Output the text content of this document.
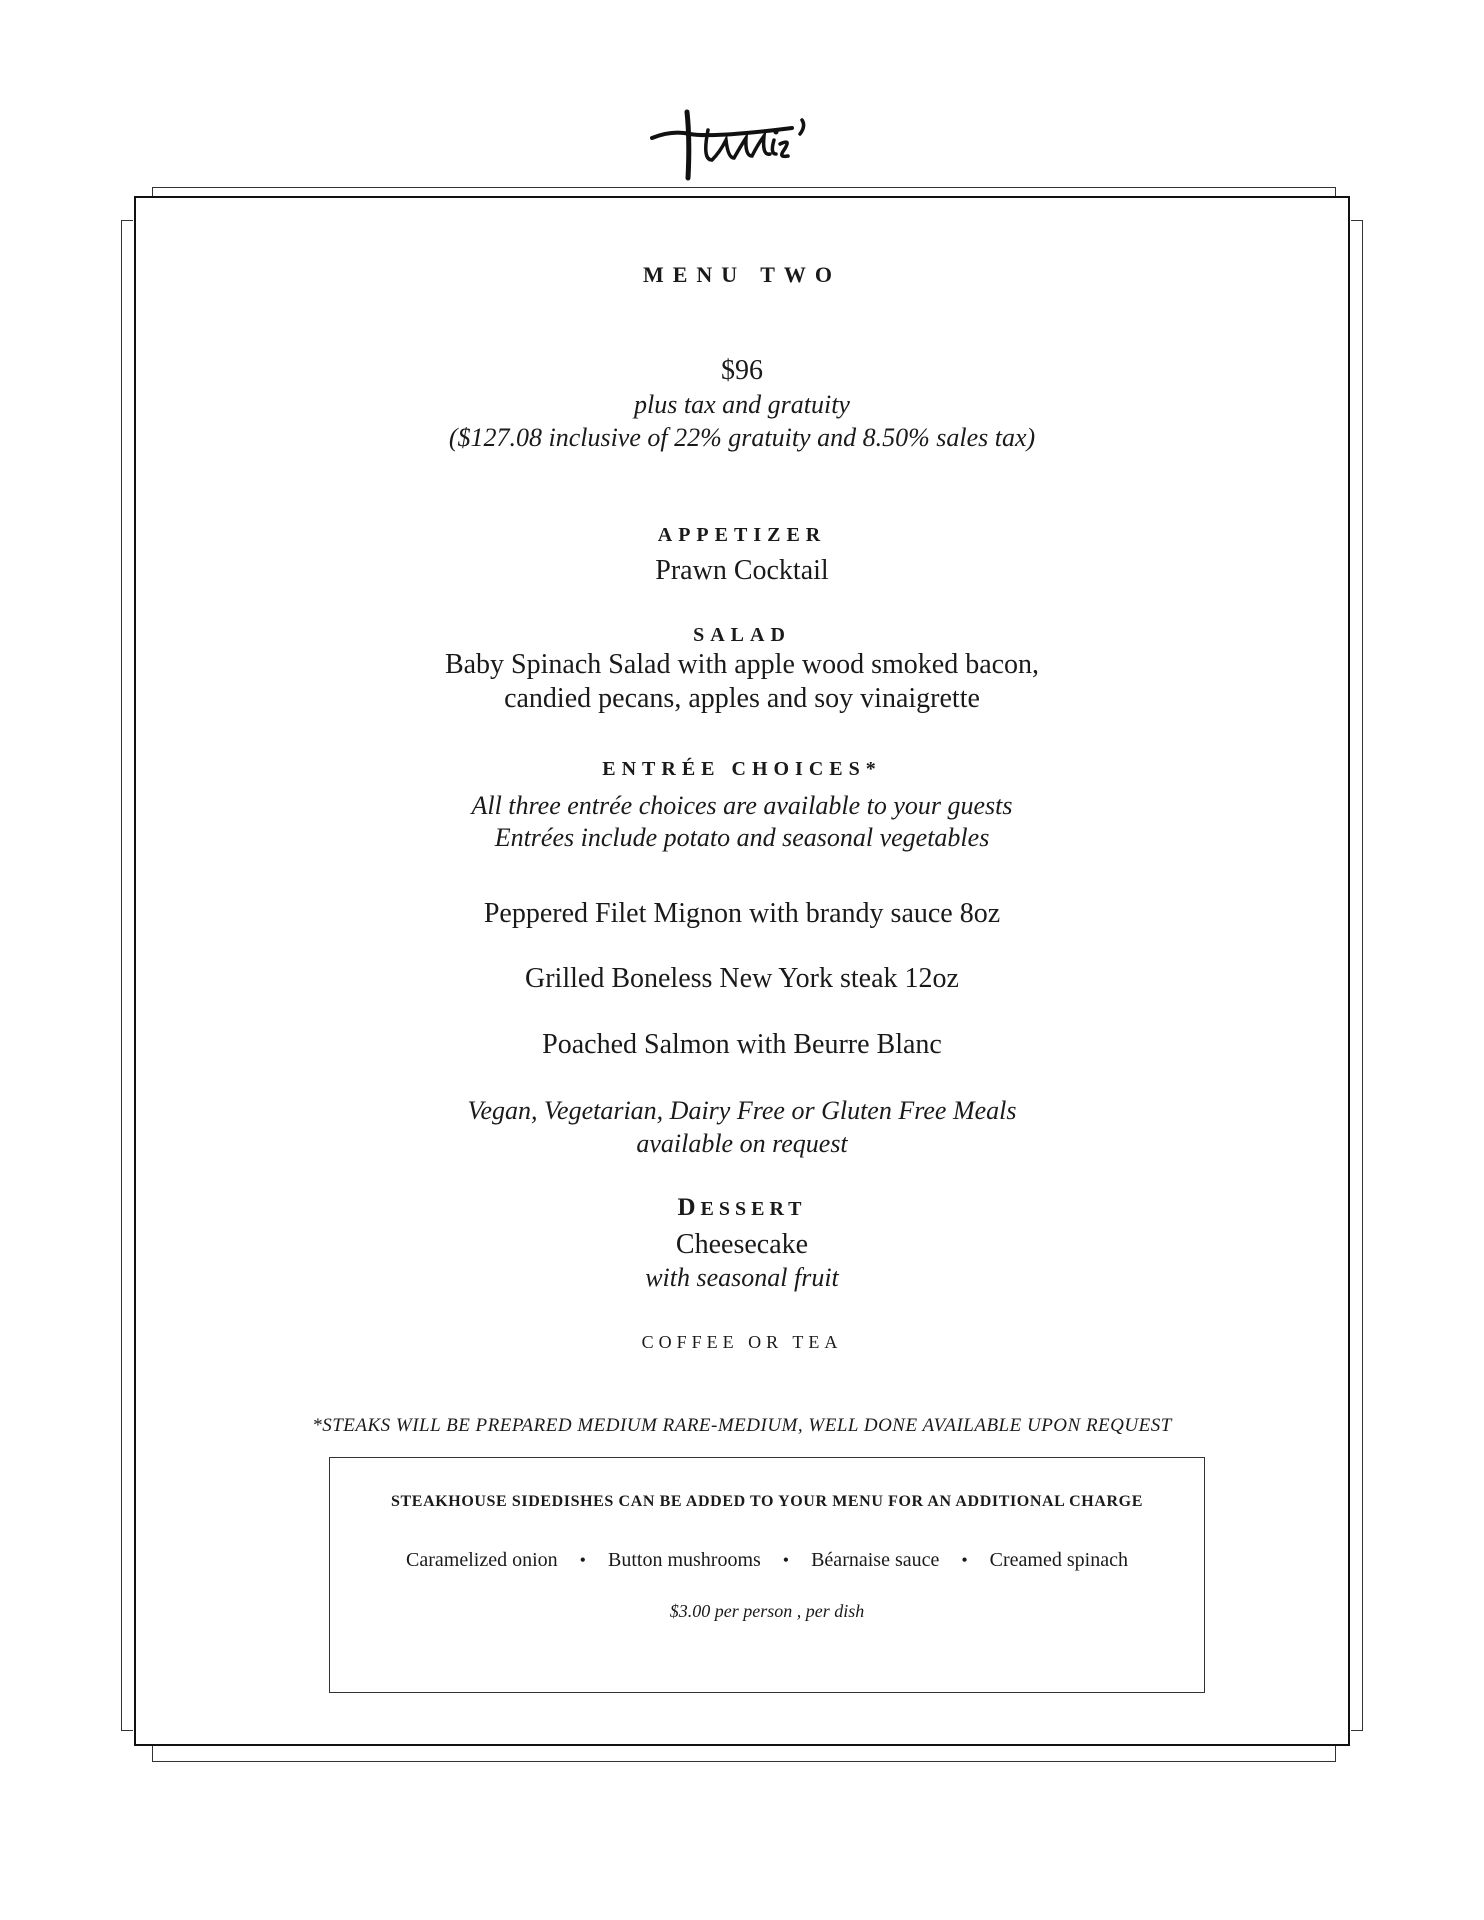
MENU TWO

$96

plus tax and gratuity

($127.08 inclusive of 22% gratuity and 8.50% sales tax)

APPETIZER

Prawn Cocktail

SALAD

Baby Spinach Salad with apple wood smoked bacon,

candied pecans, apples and soy vinaigrette

ENTRÉE CHOICES*

All three entrée choices are available to your guests

Entrées include potato and seasonal vegetables

Peppered Filet Mignon with brandy sauce 8oz

Grilled Boneless New York steak 12oz

Poached Salmon with Beurre Blanc

Vegan, Vegetarian, Dairy Free or Gluten Free Meals

available on request

DESSERT

Cheesecake

with seasonal fruit

COFFEE OR TEA

*STEAKS WILL BE PREPARED MEDIUM RARE-MEDIUM, WELL DONE AVAILABLE UPON REQUEST

STEAKHOUSE SIDEDISHES CAN BE ADDED TO YOUR MENU FOR AN ADDITIONAL CHARGE
Caramelized onion • Button mushrooms • Béarnaise sauce • Creamed spinach
$3.00 per person , per dish
